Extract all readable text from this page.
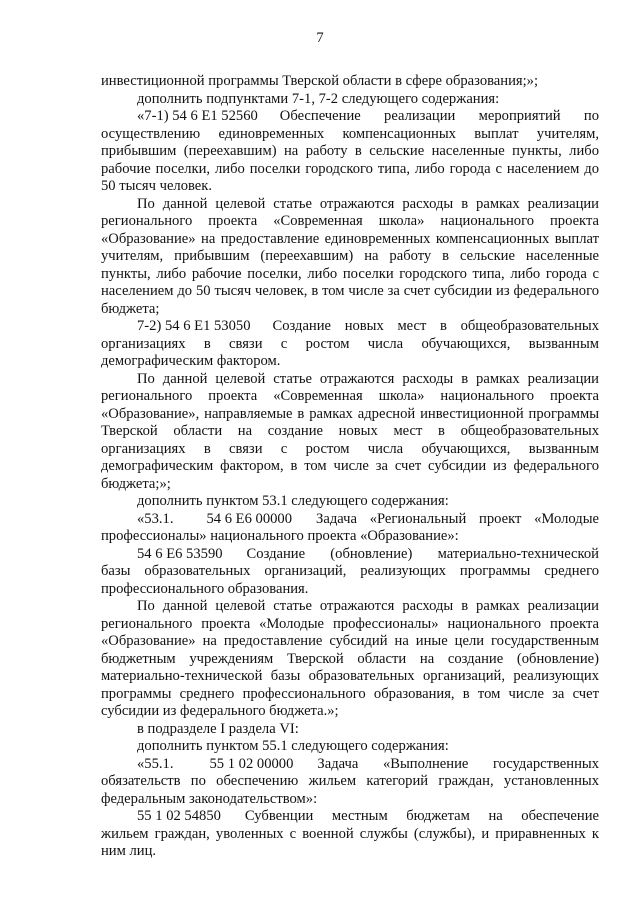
7

инвестиционной программы Тверской области в сфере образования;»;

дополнить подпунктами 7-1, 7-2 следующего содержания:

«7-1) 54 6 E1 52560 Обеспечение реализации мероприятий по

осуществлению единовременных компенсационных выплат учителям, прибывшим (переехавшим) на работу в сельские населенные пункты, либо рабочие поселки, либо поселки городского типа, либо города с населением до 50 тысяч человек.

По данной целевой статье отражаются расходы в рамках реализации регионального проекта «Современная школа» национального проекта «Образование» на предоставление единовременных компенсационных выплат учителям, прибывшим (переехавшим) на работу в сельские населенные пункты, либо рабочие поселки, либо поселки городского типа, либо города с населением до 50 тысяч человек, в том числе за счет субсидии из федерального бюджета;

7-2) 54 6 E1 53050 Создание новых мест в общеобразовательных

организациях в связи с ростом числа обучающихся, вызванным демографическим фактором.

По данной целевой статье отражаются расходы в рамках реализации регионального проекта «Современная школа» национального проекта «Образование», направляемые в рамках адресной инвестиционной программы Тверской области на создание новых мест в общеобразовательных организациях в связи с ростом числа обучающихся, вызванным демографическим фактором, в том числе за счет субсидии из федерального бюджета;»;

дополнить пунктом 53.1 следующего содержания:

«53.1. 54 6 E6 00000 Задача «Региональный проект «Молодые

профессионалы» национального проекта «Образование»:

54 6 E6 53590 Создание (обновление) материально-технической

базы образовательных организаций, реализующих программы среднего профессионального образования.

По данной целевой статье отражаются расходы в рамках реализации регионального проекта «Молодые профессионалы» национального проекта «Образование» на предоставление субсидий на иные цели государственным бюджетным учреждениям Тверской области на создание (обновление) материально-технической базы образовательных организаций, реализующих программы среднего профессионального образования, в том числе за счет субсидии из федерального бюджета.»;

в подразделе I раздела VI:

дополнить пунктом 55.1 следующего содержания:

«55.1. 55 1 02 00000 Задача «Выполнение государственных

обязательств по обеспечению жильем категорий граждан, установленных федеральным законодательством»:

55 1 02 54850 Субвенции местным бюджетам на обеспечение

жильем граждан, уволенных с военной службы (службы), и приравненных к ним лиц.
